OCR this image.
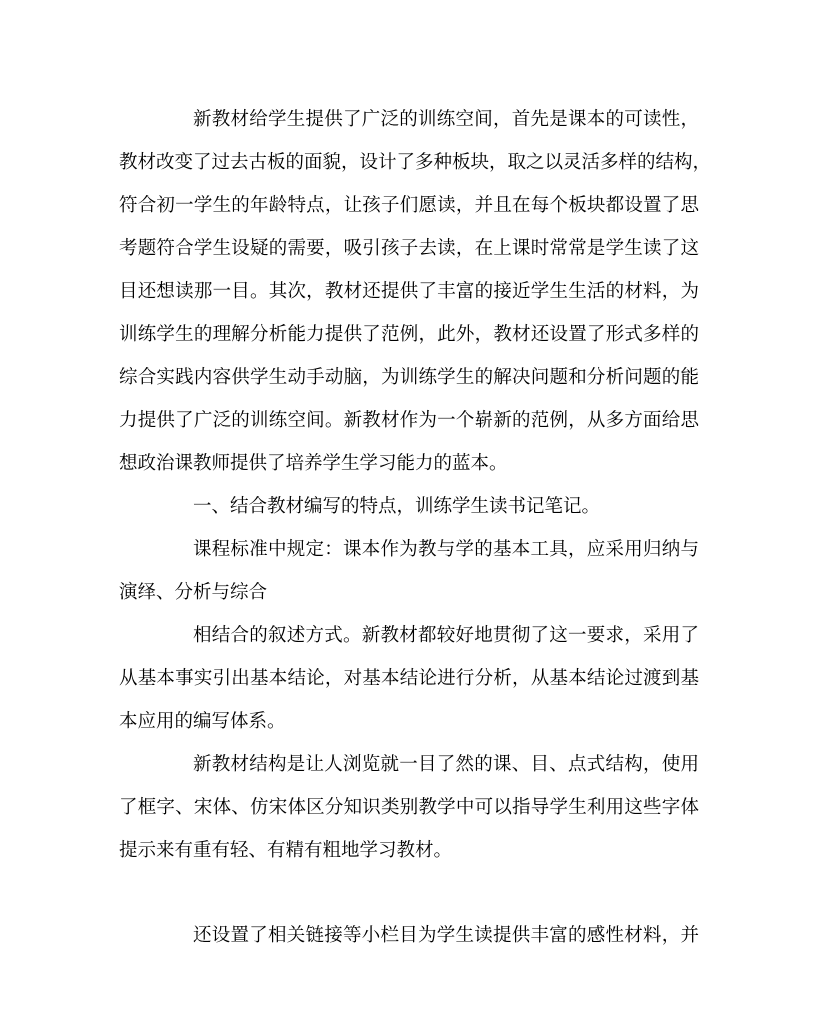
新教材给学生提供了广泛的训练空间，首先是课本的可读性，
教材改变了过去古板的面貌，设计了多种板块，取之以灵活多样的结构，
符合初一学生的年龄特点，让孩子们愿读，并且在每个板块都设置了思
考题符合学生设疑的需要，吸引孩子去读，在上课时常常是学生读了这
目还想读那一目。其次，教材还提供了丰富的接近学生生活的材料，为
训练学生的理解分析能力提供了范例，此外，教材还设置了形式多样的
综合实践内容供学生动手动脑，为训练学生的解决问题和分析问题的能
力提供了广泛的训练空间。新教材作为一个崭新的范例，从多方面给思
想政治课教师提供了培养学生学习能力的蓝本。
一、结合教材编写的特点，训练学生读书记笔记。
课程标准中规定：课本作为教与学的基本工具，应采用归纳与
演绎、分析与综合
相结合的叙述方式。新教材都较好地贯彻了这一要求，采用了
从基本事实引出基本结论，对基本结论进行分析，从基本结论过渡到基
本应用的编写体系。
新教材结构是让人浏览就一目了然的课、目、点式结构，使用
了框字、宋体、仿宋体区分知识类别教学中可以指导学生利用这些字体
提示来有重有轻、有精有粗地学习教材。
还设置了相关链接等小栏目为学生读提供丰富的感性材料，并
